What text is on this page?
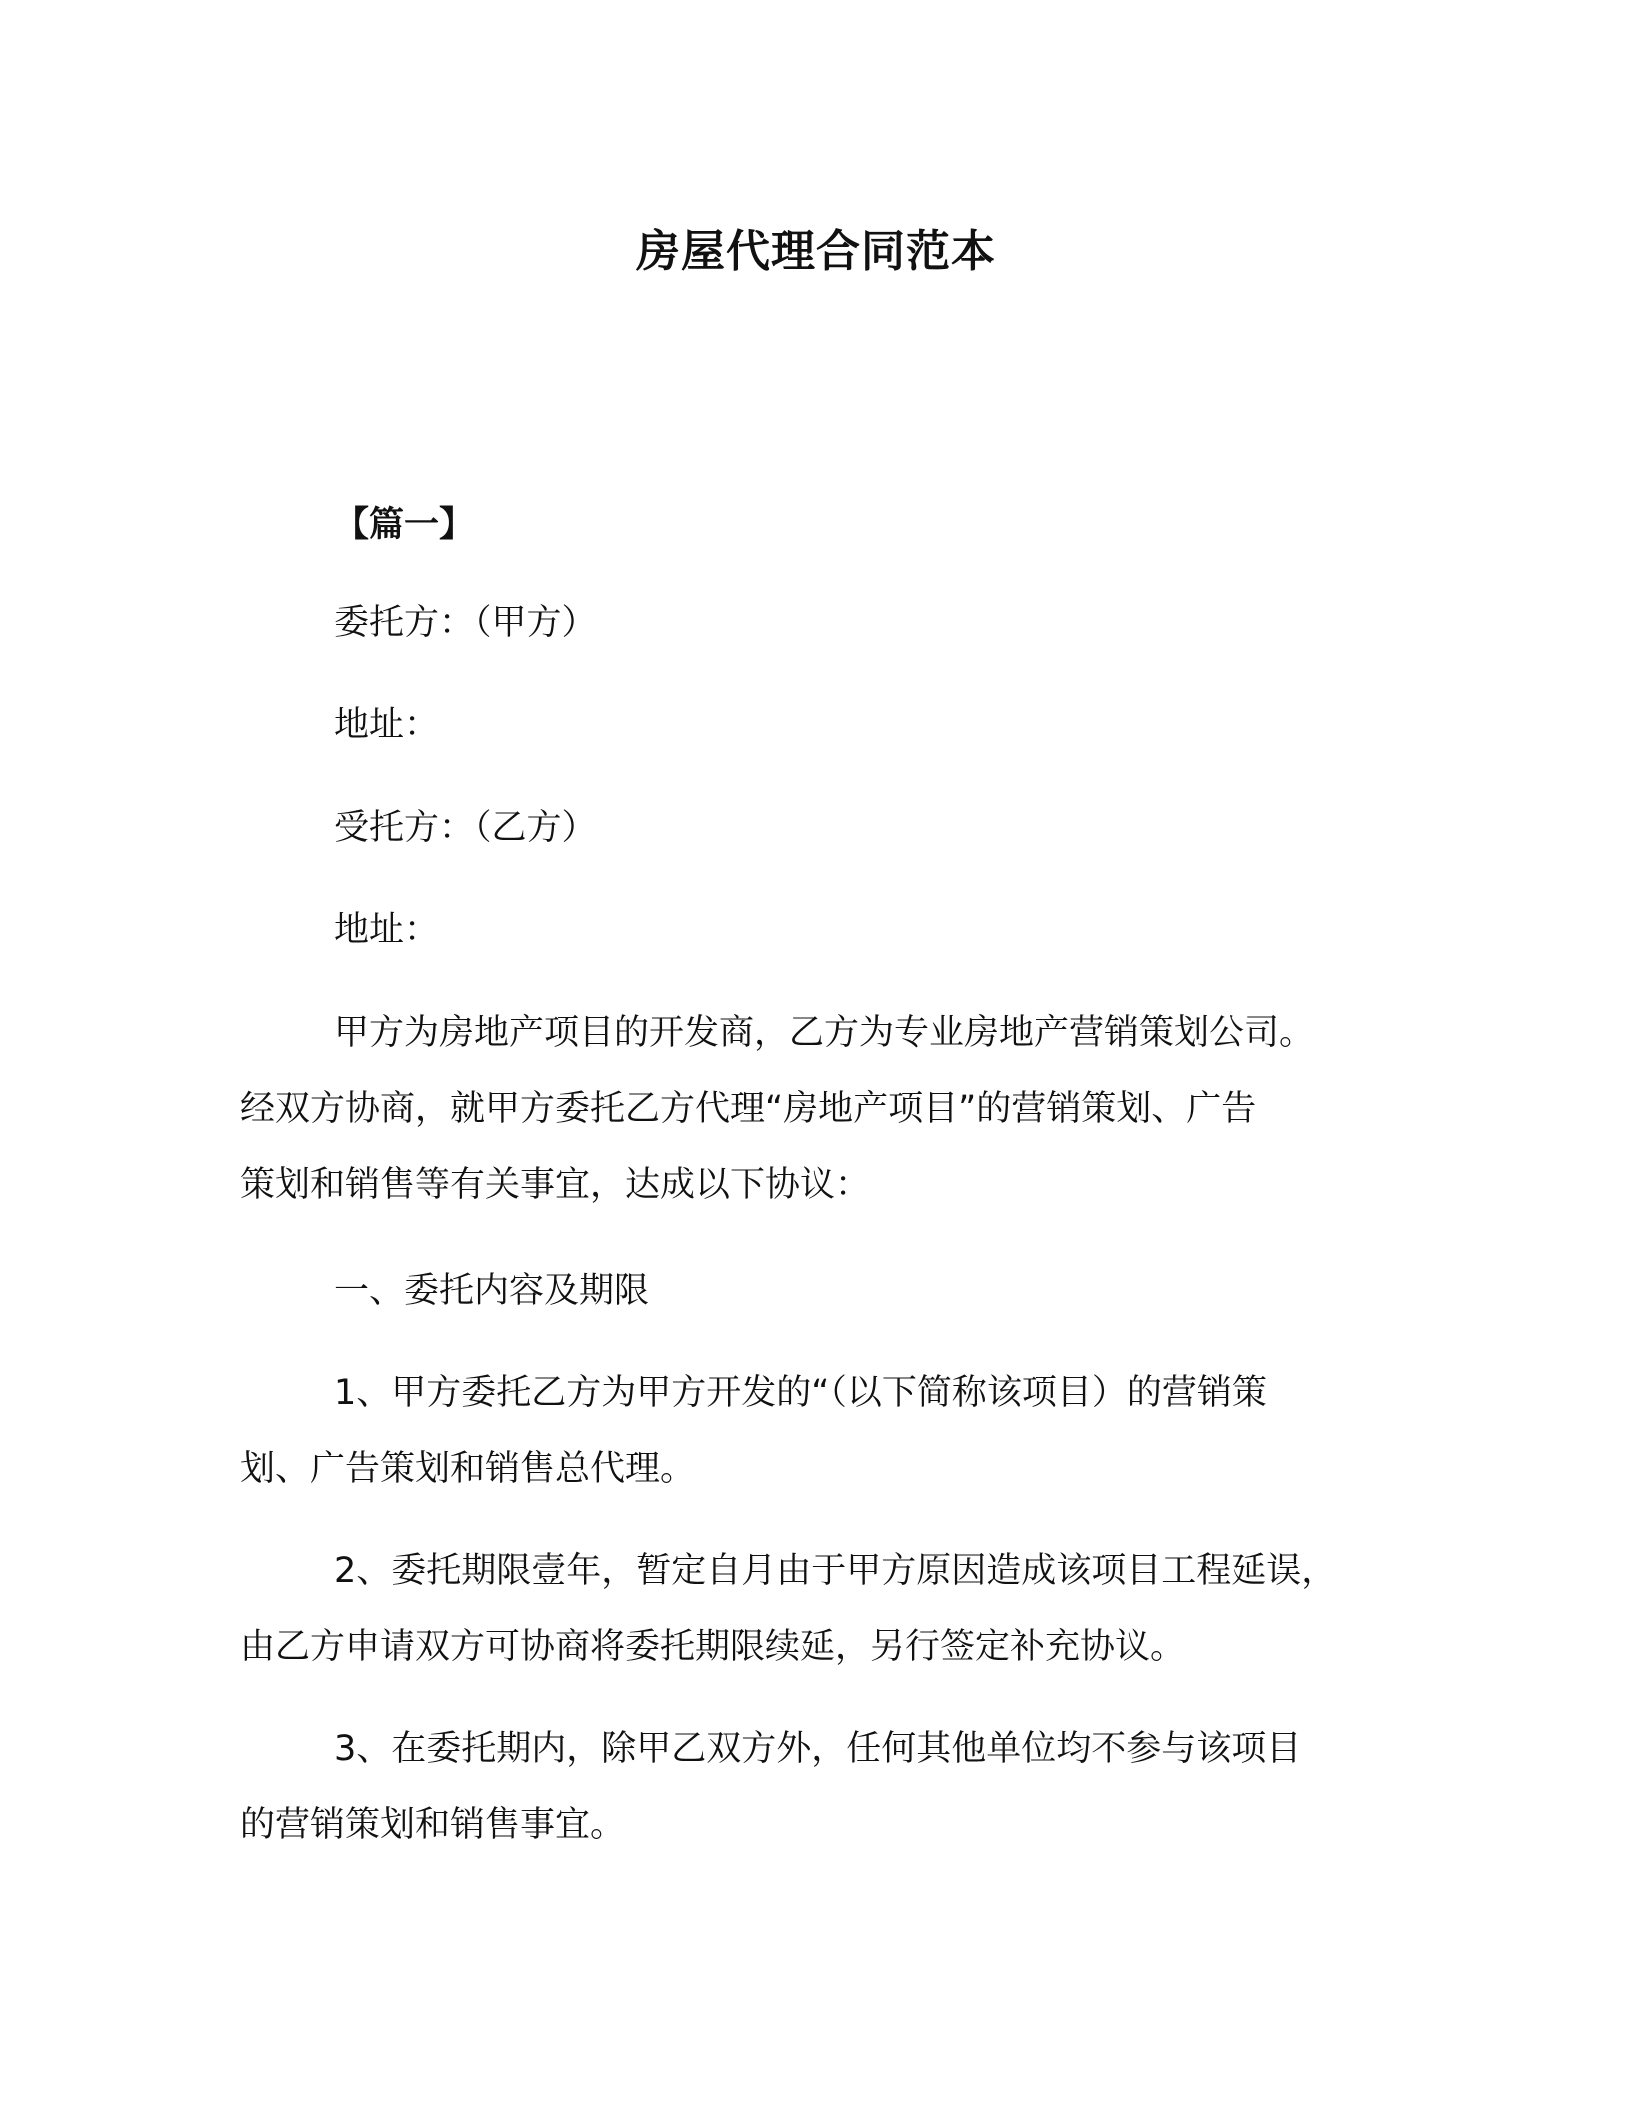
房屋代理合同范本
【篇一】
委托方：（甲方）
地址：
受托方：（乙方）
地址：
甲方为房地产项目的开发商，乙方为专业房地产营销策划公司。
经双方协商，就甲方委托乙方代理“房地产项目”的营销策划、广告
策划和销售等有关事宜，达成以下协议：
一、委托内容及期限
1、甲方委托乙方为甲方开发的“（以下简称该项目）的营销策
划、广告策划和销售总代理。
2、委托期限壹年，暂定自月由于甲方原因造成该项目工程延误，
由乙方申请双方可协商将委托期限续延，另行签定补充协议。
3、在委托期内，除甲乙双方外，任何其他单位均不参与该项目
的营销策划和销售事宜。
